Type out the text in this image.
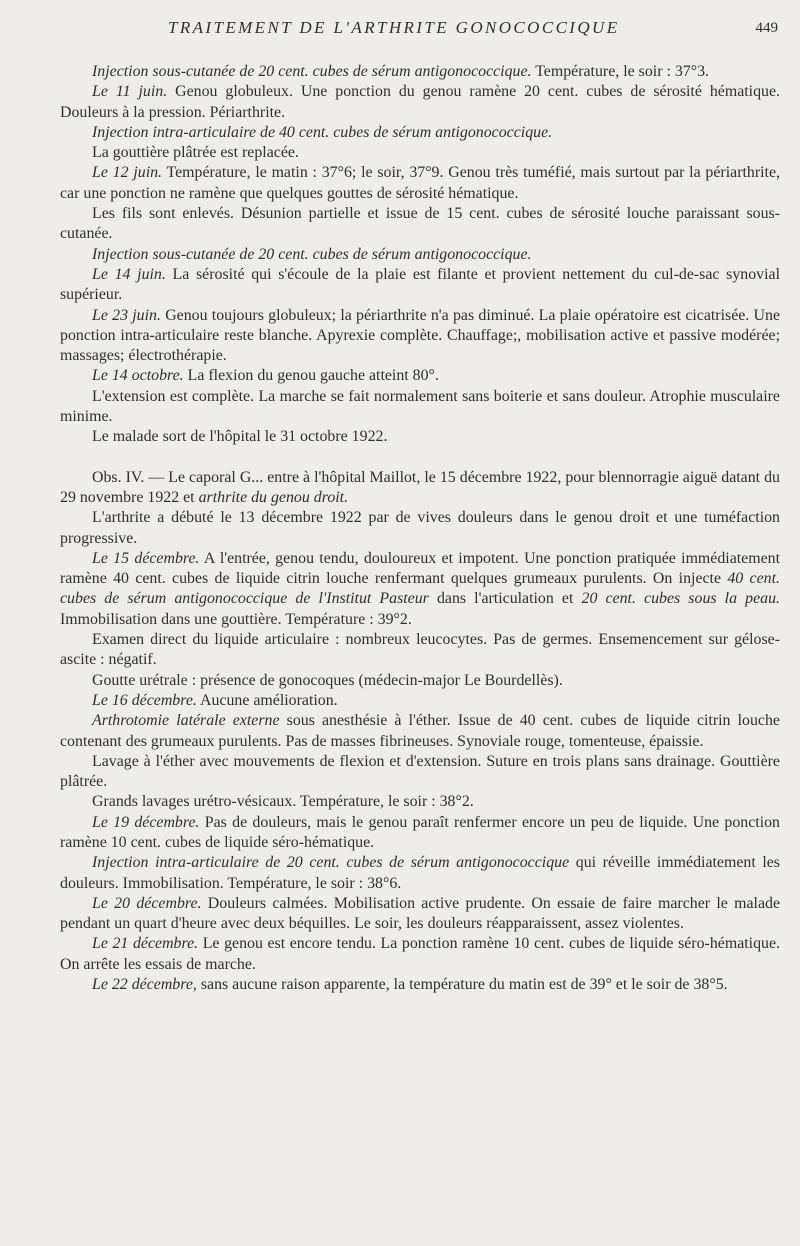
TRAITEMENT DE L'ARTHRITE GONOCOCCIQUE	449

Injection sous-cutanée de 20 cent. cubes de sérum antigonococcique. Température, le soir : 37°3.

Le 11 juin. Genou globuleux. Une ponction du genou ramène 20 cent. cubes de sérosité hématique. Douleurs à la pression. Périarthrite.

Injection intra-articulaire de 40 cent. cubes de sérum antigonococcique.

La gouttière plâtrée est replacée.

Le 12 juin. Température, le matin : 37°6; le soir, 37°9. Genou très tuméfié, mais surtout par la périarthrite, car une ponction ne ramène que quelques gouttes de sérosité hématique.

Les fils sont enlevés. Désunion partielle et issue de 15 cent. cubes de sérosité louche paraissant sous-cutanée.

Injection sous-cutanée de 20 cent. cubes de sérum antigonococcique.

Le 14 juin. La sérosité qui s'écoule de la plaie est filante et provient nettement du cul-de-sac synovial supérieur.

Le 23 juin. Genou toujours globuleux; la périarthrite n'a pas diminué. La plaie opératoire est cicatrisée. Une ponction intra-articulaire reste blanche. Apyrexie complète. Chauffage;, mobilisation active et passive modérée; massages; électrothérapie.

Le 14 octobre. La flexion du genou gauche atteint 80°.

L'extension est complète. La marche se fait normalement sans boiterie et sans douleur. Atrophie musculaire minime.

Le malade sort de l'hôpital le 31 octobre 1922.

Obs. IV. — Le caporal G... entre à l'hôpital Maillot, le 15 décembre 1922, pour blennorragie aiguë datant du 29 novembre 1922 et arthrite du genou droit.

L'arthrite a débuté le 13 décembre 1922 par de vives douleurs dans le genou droit et une tuméfaction progressive.

Le 15 décembre. A l'entrée, genou tendu, douloureux et impotent. Une ponction pratiquée immédiatement ramène 40 cent. cubes de liquide citrin louche renfermant quelques grumeaux purulents. On injecte 40 cent. cubes de sérum antigonococcique de l'Institut Pasteur dans l'articulation et 20 cent. cubes sous la peau. Immobilisation dans une gouttière. Température : 39°2.

Examen direct du liquide articulaire : nombreux leucocytes. Pas de germes. Ensemencement sur gélose-ascite : négatif.

Goutte urétrale : présence de gonocoques (médecin-major Le Bourdellès).

Le 16 décembre. Aucune amélioration.

Arthrotomie latérale externe sous anesthésie à l'éther. Issue de 40 cent. cubes de liquide citrin louche contenant des grumeaux purulents. Pas de masses fibrineuses. Synoviale rouge, tomenteuse, épaissie.

Lavage à l'éther avec mouvements de flexion et d'extension. Suture en trois plans sans drainage. Gouttière plâtrée.

Grands lavages urétro-vésicaux. Température, le soir : 38°2.

Le 19 décembre. Pas de douleurs, mais le genou paraît renfermer encore un peu de liquide. Une ponction ramène 10 cent. cubes de liquide séro-hématique.

Injection intra-articulaire de 20 cent. cubes de sérum antigonococcique qui réveille immédiatement les douleurs. Immobilisation. Température, le soir : 38°6.

Le 20 décembre. Douleurs calmées. Mobilisation active prudente. On essaie de faire marcher le malade pendant un quart d'heure avec deux béquilles. Le soir, les douleurs réapparaissent, assez violentes.

Le 21 décembre. Le genou est encore tendu. La ponction ramène 10 cent. cubes de liquide séro-hématique. On arrête les essais de marche.

Le 22 décembre, sans aucune raison apparente, la température du matin est de 39° et le soir de 38°5.
